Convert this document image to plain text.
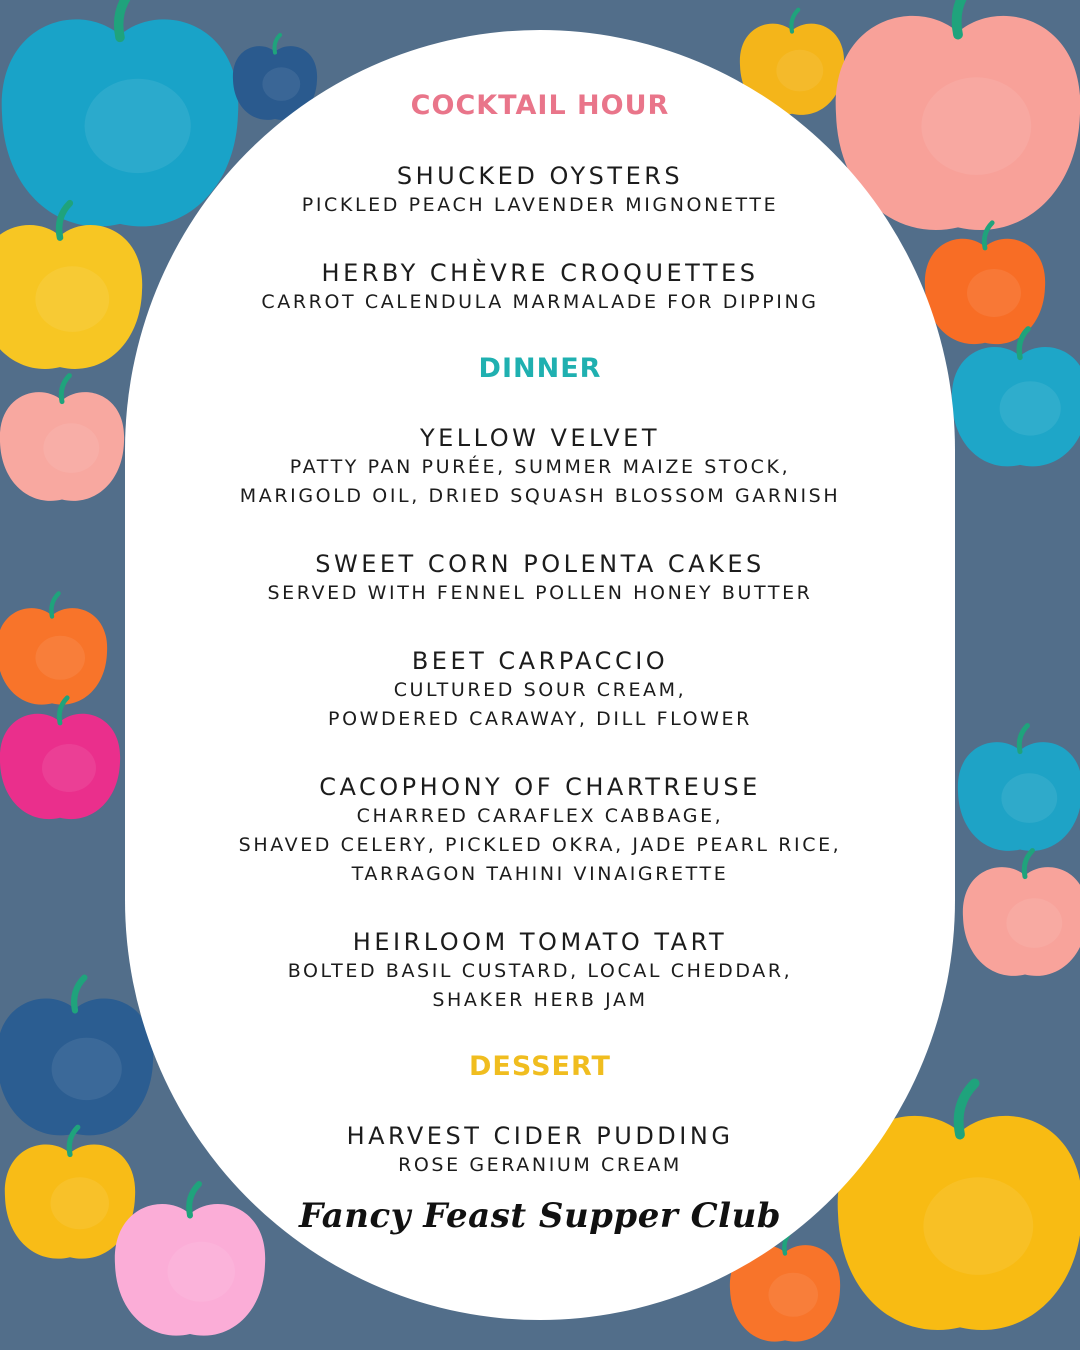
COCKTAIL HOUR
SHUCKED OYSTERS
PICKLED PEACH LAVENDER MIGNONETTE
HERBY CHÈVRE CROQUETTES
CARROT CALENDULA MARMALADE FOR DIPPING
DINNER
YELLOW VELVET
PATTY PAN PURÉE, SUMMER MAIZE STOCK,
MARIGOLD OIL, DRIED SQUASH BLOSSOM GARNISH
SWEET CORN POLENTA CAKES
SERVED WITH FENNEL POLLEN HONEY BUTTER
BEET CARPACCIO
CULTURED SOUR CREAM,
POWDERED CARAWAY, DILL FLOWER
CACOPHONY OF CHARTREUSE
CHARRED CARAFLEX CABBAGE,
SHAVED CELERY, PICKLED OKRA, JADE PEARL RICE,
TARRAGON TAHINI VINAIGRETTE
HEIRLOOM TOMATO TART
BOLTED BASIL CUSTARD, LOCAL CHEDDAR,
SHAKER HERB JAM
DESSERT
HARVEST CIDER PUDDING
ROSE GERANIUM CREAM
Fancy Feast Supper Club
